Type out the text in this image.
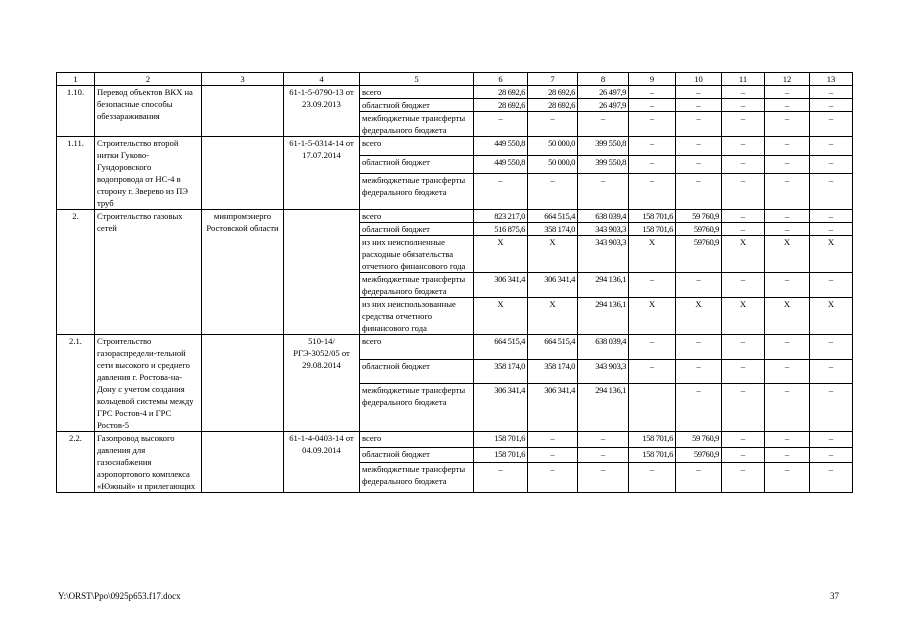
1	2	3	4	5	6	7	8	9	10	11	12	13
1.10.	Перевод объектов ВКХ на безопасные способы обеззараживания		61-1-5-0790-13 от 23.09.2013	всего	28 692,6	28 692,6	26 497,9	–	–	–	–	–
				областной бюджет	28 692,6	28 692,6	26 497,9	–	–	–	–	–
				межбюджетные трансферты федерального бюджета	–	–	–	–	–	–	–	–
1.11.	Строительство второй нитки Гуково-Гундоровского водопровода от НС-4 в сторону г. Зверево из ПЭ труб		61-1-5-0314-14 от 17.07.2014	всего	449 550,8	50 000,0	399 550,8	–	–	–	–	–
				областной бюджет	449 550,8	50 000,0	399 550,8	–	–	–	–	–
				межбюджетные трансферты федерального бюджета	–	–	–	–	–	–	–	–
2.	Строительство газовых сетей	минпромэнерго Ростовской области		всего	823 217,0	664 515,4	638 039,4	158 701,6	59 760,9	–	–	–
				областной бюджет	516 875,6	358 174,0	343 903,3	158 701,6	59760,9	–	–	–
				из них неисполненные расходные обязательства отчетного финансового года	Х	Х	343 903,3	Х	59760,9	Х	Х	Х
				межбюджетные трансферты федерального бюджета	306 341,4	306 341,4	294 136,1	–	–	–	–	–
				из них неиспользованные средства отчетного финансового года	Х	Х	294 136,1	Х	Х	Х	Х	Х
2.1.	Строительство газораспредели-тельной сети высокого и среднего давления г. Ростова-на-Дону с учетом создания кольцевой системы между ГРС Ростов-4 и ГРС Ростов-5		510-14/РГЭ-3052/05 от 29.08.2014	всего	664 515,4	664 515,4	638 039,4	–	–	–	–	–
				областной бюджет	358 174,0	358 174,0	343 903,3	–	–	–	–	–
				межбюджетные трансферты федерального бюджета	306 341,4	306 341,4	294 136,1		–	–	–	–
2.2.	Газопровод высокого давления для газоснабжения аэропортового комплекса «Южный» и прилегающих		61-1-4-0403-14 от 04.09.2014	всего	158 701,6	–	–	158 701,6	59 760,9	–	–	–
				областной бюджет	158 701,6	–	–	158 701,6	59760,9	–	–	–
				межбюджетные трансферты федерального бюджета	–	–	–	–	–	–	–	–
Y:\ORST\Ppo\0925p653.f17.docx	37
